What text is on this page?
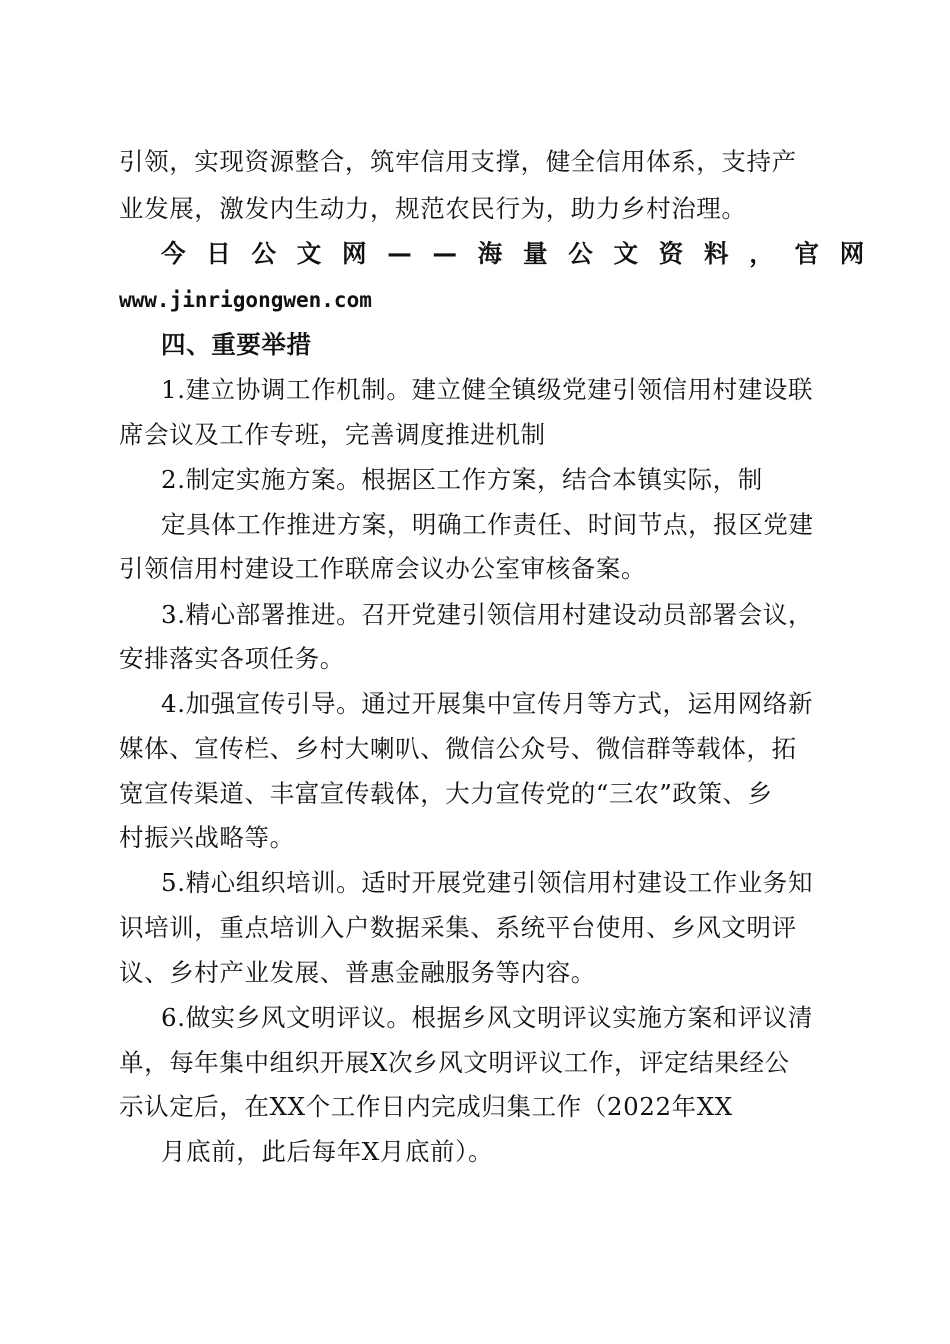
引领，实现资源整合，筑牢信用支撑，健全信用体系，支持产
业发展，激发内生动力，规范农民行为，助力乡村治理。
今 日 公 文 网 — — 海 量 公 文 资 料 ， 官 网
www.jinrigongwen.com
四、重要举措
1.建立协调工作机制。建立健全镇级党建引领信用村建设联
席会议及工作专班，完善调度推进机制
2.制定实施方案。根据区工作方案，结合本镇实际，制
定具体工作推进方案，明确工作责任、时间节点，报区党建
引领信用村建设工作联席会议办公室审核备案。
3.精心部署推进。召开党建引领信用村建设动员部署会议，
安排落实各项任务。
4.加强宣传引导。通过开展集中宣传月等方式，运用网络新
媒体、宣传栏、乡村大喇叭、微信公众号、微信群等载体，拓
宽宣传渠道、丰富宣传载体，大力宣传党的“三农”政策、乡
村振兴战略等。
5.精心组织培训。适时开展党建引领信用村建设工作业务知
识培训，重点培训入户数据采集、系统平台使用、乡风文明评
议、乡村产业发展、普惠金融服务等内容。
6.做实乡风文明评议。根据乡风文明评议实施方案和评议清
单，每年集中组织开展X次乡风文明评议工作，评定结果经公
示认定后，在XX个工作日内完成归集工作（2022年XX
月底前，此后每年X月底前）。
